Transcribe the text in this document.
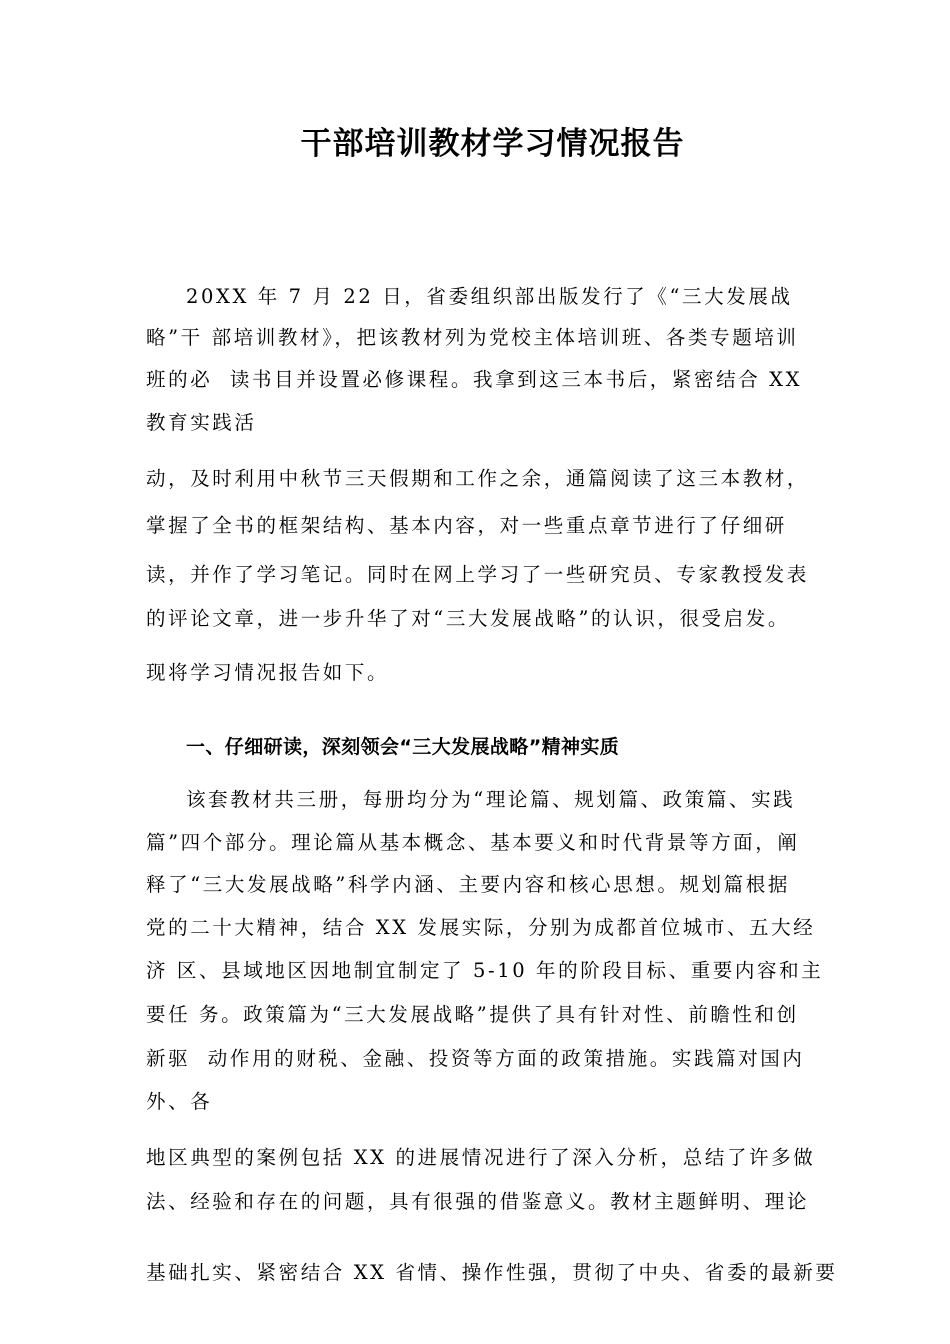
干部培训教材学习情况报告
20XX 年 7 月 22 日，省委组织部出版发行了《“三大发展战
略”干 部培训教材》，把该教材列为党校主体培训班、各类专题培训
班的必  读书目并设置必修课程。我拿到这三本书后，紧密结合 XX
教育实践活
动，及时利用中秋节三天假期和工作之余，通篇阅读了这三本教材，
掌握了全书的框架结构、基本内容，对一些重点章节进行了仔细研
读，并作了学习笔记。同时在网上学习了一些研究员、专家教授发表
的评论文章，进一步升华了对“三大发展战略”的认识，很受启发。
现将学习情况报告如下。
一、仔细研读，深刻领会“三大发展战略”精神实质
该套教材共三册，每册均分为“理论篇、规划篇、政策篇、实践
篇”四个部分。理论篇从基本概念、基本要义和时代背景等方面，阐
释了“三大发展战略”科学内涵、主要内容和核心思想。规划篇根据
党的二十大精神，结合 XX 发展实际，分别为成都首位城市、五大经
济 区、县域地区因地制宜制定了 5-10 年的阶段目标、重要内容和主
要任 务。政策篇为“三大发展战略”提供了具有针对性、前瞻性和创
新驱  动作用的财税、金融、投资等方面的政策措施。实践篇对国内
外、各
地区典型的案例包括 XX 的进展情况进行了深入分析，总结了许多做
法、经验和存在的问题，具有很强的借鉴意义。教材主题鲜明、理论
基础扎实、紧密结合 XX 省情、操作性强，贯彻了中央、省委的最新要
